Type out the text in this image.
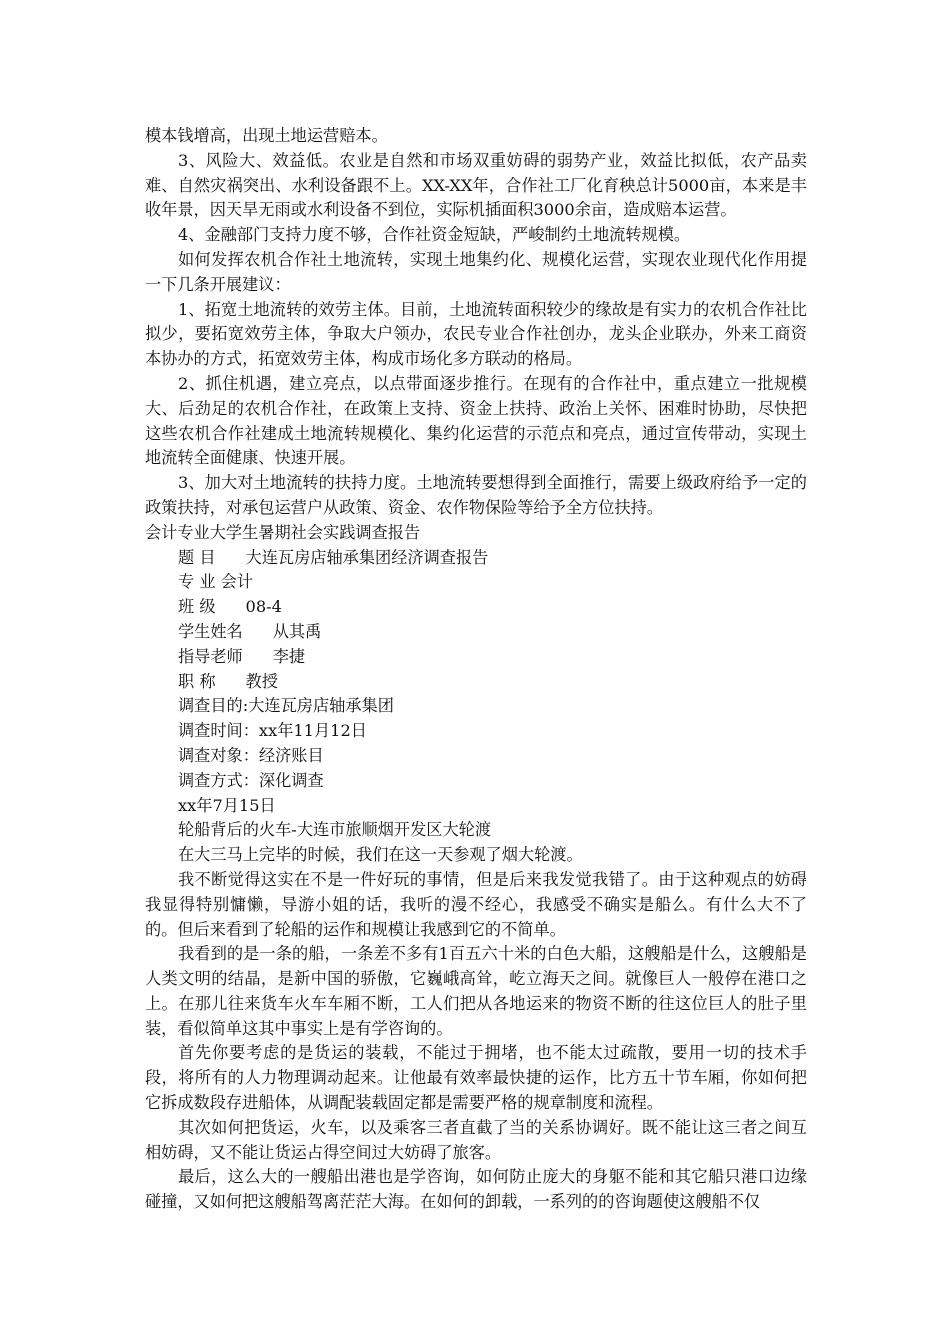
模本钱增高，出现土地运营赔本。

3、风险大、效益低。农业是自然和市场双重妨碍的弱势产业，效益比拟低，农产品卖难、自然灾祸突出、水利设备跟不上。XX-XX年，合作社工厂化育秧总计5000亩，本来是丰收年景，因天旱无雨或水利设备不到位，实际机插面积3000余亩，造成赔本运营。

4、金融部门支持力度不够，合作社资金短缺，严峻制约土地流转规模。

如何发挥农机合作社土地流转，实现土地集约化、规模化运营，实现农业现代化作用提一下几条开展建议：

1、拓宽土地流转的效劳主体。目前，土地流转面积较少的缘故是有实力的农机合作社比拟少，要拓宽效劳主体，争取大户领办，农民专业合作社创办，龙头企业联办，外来工商资本协办的方式，拓宽效劳主体，构成市场化多方联动的格局。

2、抓住机遇，建立亮点，以点带面逐步推行。在现有的合作社中，重点建立一批规模大、后劲足的农机合作社，在政策上支持、资金上扶持、政治上关怀、困难时协助，尽快把这些农机合作社建成土地流转规模化、集约化运营的示范点和亮点，通过宣传带动，实现土地流转全面健康、快速开展。

3、加大对土地流转的扶持力度。土地流转要想得到全面推行，需要上级政府给予一定的政策扶持，对承包运营户从政策、资金、农作物保险等给予全方位扶持。

会计专业大学生暑期社会实践调查报告

题 目 大连瓦房店轴承集团经济调查报告
专 业 会计
班 级 08-4
学生姓名 从其禹
指导老师 李捷
职 称 教授

调查目的:大连瓦房店轴承集团

调查时间：xx年11月12日

调查对象：经济账目

调查方式：深化调查

xx年7月15日

轮船背后的火车-大连市旅顺烟开发区大轮渡

在大三马上完毕的时候，我们在这一天参观了烟大轮渡。

我不断觉得这实在不是一件好玩的事情，但是后来我发觉我错了。由于这种观点的妨碍我显得特别慵懒，导游小姐的话，我听的漫不经心，我感受不确实是船么。有什么大不了的。但后来看到了轮船的运作和规模让我感到它的不简单。

我看到的是一条的船，一条差不多有1百五六十米的白色大船，这艘船是什么，这艘船是人类文明的结晶，是新中国的骄傲，它巍峨高耸，屹立海天之间。就像巨人一般停在港口之上。在那儿往来货车火车车厢不断，工人们把从各地运来的物资不断的往这位巨人的肚子里装，看似简单这其中事实上是有学咨询的。

首先你要考虑的是货运的装载，不能过于拥堵，也不能太过疏散，要用一切的技术手段，将所有的人力物理调动起来。让他最有效率最快捷的运作，比方五十节车厢，你如何把它拆成数段存进船体，从调配装载固定都是需要严格的规章制度和流程。

其次如何把货运，火车，以及乘客三者直截了当的关系协调好。既不能让这三者之间互相妨碍，又不能让货运占得空间过大妨碍了旅客。

最后，这么大的一艘船出港也是学咨询，如何防止庞大的身躯不能和其它船只港口边缘碰撞，又如何把这艘船驾离茫茫大海。在如何的卸载，一系列的的咨询题使这艘船不仅
